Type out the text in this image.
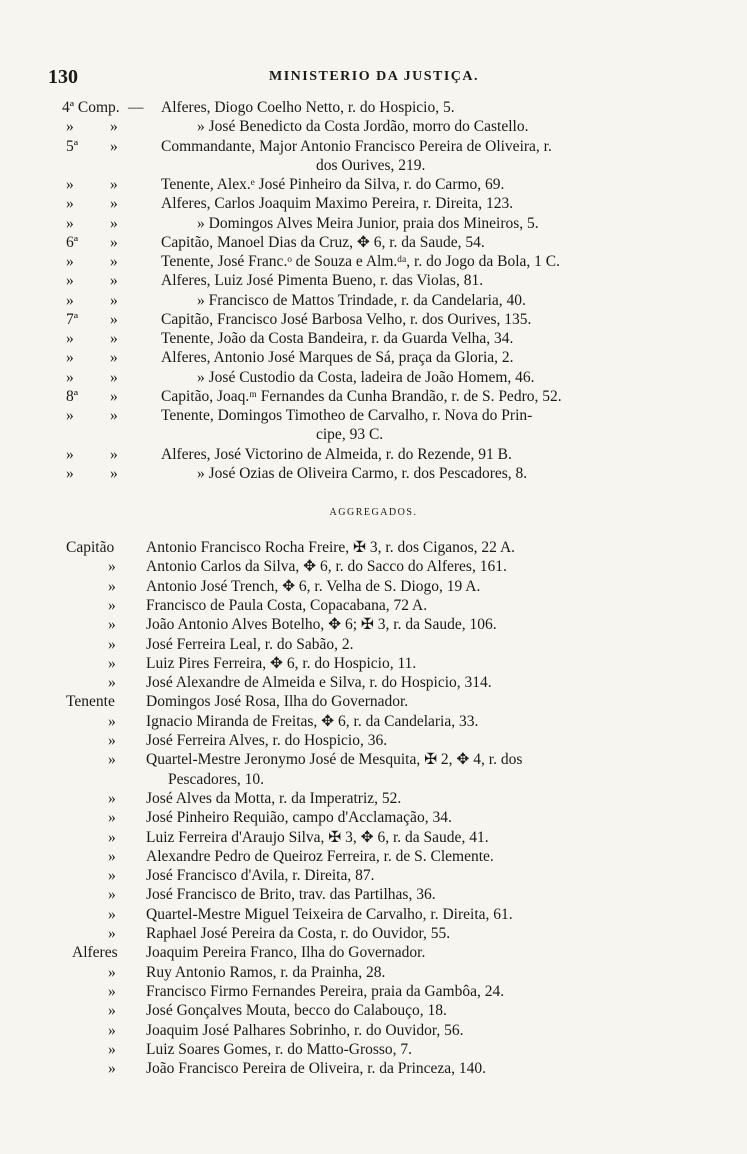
130	MINISTERIO DA JUSTIÇA.
4ª Comp. — Alferes, Diogo Coelho Netto, r. do Hospicio, 5.
» »	» José Benedicto da Costa Jordão, morro do Castello.
5ª »	Commandante, Major Antonio Francisco Pereira de Oliveira, r.
dos Ourives, 219.
» »	Tenente, Alex.ᵉ José Pinheiro da Silva, r. do Carmo, 69.
» »	Alferes, Carlos Joaquim Maximo Pereira, r. Direita, 123.
» »	» Domingos Alves Meira Junior, praia dos Mineiros, 5.
6ª »	Capitão, Manoel Dias da Cruz, ✥ 6, r. da Saude, 54.
» »	Tenente, José Franc.ᵒ de Souza e Alm.ᵈᵃ, r. do Jogo da Bola, 1 C.
» »	Alferes, Luiz José Pimenta Bueno, r. das Violas, 81.
» »	» Francisco de Mattos Trindade, r. da Candelaria, 40.
7ª »	Capitão, Francisco José Barbosa Velho, r. dos Ourives, 135.
» »	Tenente, João da Costa Bandeira, r. da Guarda Velha, 34.
» »	Alferes, Antonio José Marques de Sá, praça da Gloria, 2.
» »	» José Custodio da Costa, ladeira de João Homem, 46.
8ª »	Capitão, Joaq.ᵐ Fernandes da Cunha Brandão, r. de S. Pedro, 52.
» »	Tenente, Domingos Timotheo de Carvalho, r. Nova do Prin-
cipe, 93 C.
» »	Alferes, José Victorino de Almeida, r. do Rezende, 91 B.
» »	» José Ozias de Oliveira Carmo, r. dos Pescadores, 8.
AGGREGADOS.
Capitão Antonio Francisco Rocha Freire, ✠ 3, r. dos Ciganos, 22 A.
» Antonio Carlos da Silva, ✥ 6, r. do Sacco do Alferes, 161.
» Antonio José Trench, ✥ 6, r. Velha de S. Diogo, 19 A.
» Francisco de Paula Costa, Copacabana, 72 A.
» João Antonio Alves Botelho, ✥ 6; ✠ 3, r. da Saude, 106.
» José Ferreira Leal, r. do Sabão, 2.
» Luiz Pires Ferreira, ✥ 6, r. do Hospicio, 11.
» José Alexandre de Almeida e Silva, r. do Hospicio, 314.
Tenente Domingos José Rosa, Ilha do Governador.
» Ignacio Miranda de Freitas, ✥ 6, r. da Candelaria, 33.
» José Ferreira Alves, r. do Hospicio, 36.
» Quartel-Mestre Jeronymo José de Mesquita, ✠ 2, ✥ 4, r. dos
Pescadores, 10.
» José Alves da Motta, r. da Imperatriz, 52.
» José Pinheiro Requião, campo d'Acclamação, 34.
» Luiz Ferreira d'Araujo Silva, ✠ 3, ✥ 6, r. da Saude, 41.
» Alexandre Pedro de Queiroz Ferreira, r. de S. Clemente.
» José Francisco d'Avila, r. Direita, 87.
» José Francisco de Brito, trav. das Partilhas, 36.
» Quartel-Mestre Miguel Teixeira de Carvalho, r. Direita, 61.
» Raphael José Pereira da Costa, r. do Ouvidor, 55.
Alferes Joaquim Pereira Franco, Ilha do Governador.
» Ruy Antonio Ramos, r. da Prainha, 28.
» Francisco Firmo Fernandes Pereira, praia da Gambôa, 24.
» José Gonçalves Mouta, becco do Calabouço, 18.
» Joaquim José Palhares Sobrinho, r. do Ouvidor, 56.
» Luiz Soares Gomes, r. do Matto-Grosso, 7.
» João Francisco Pereira de Oliveira, r. da Princeza, 140.
